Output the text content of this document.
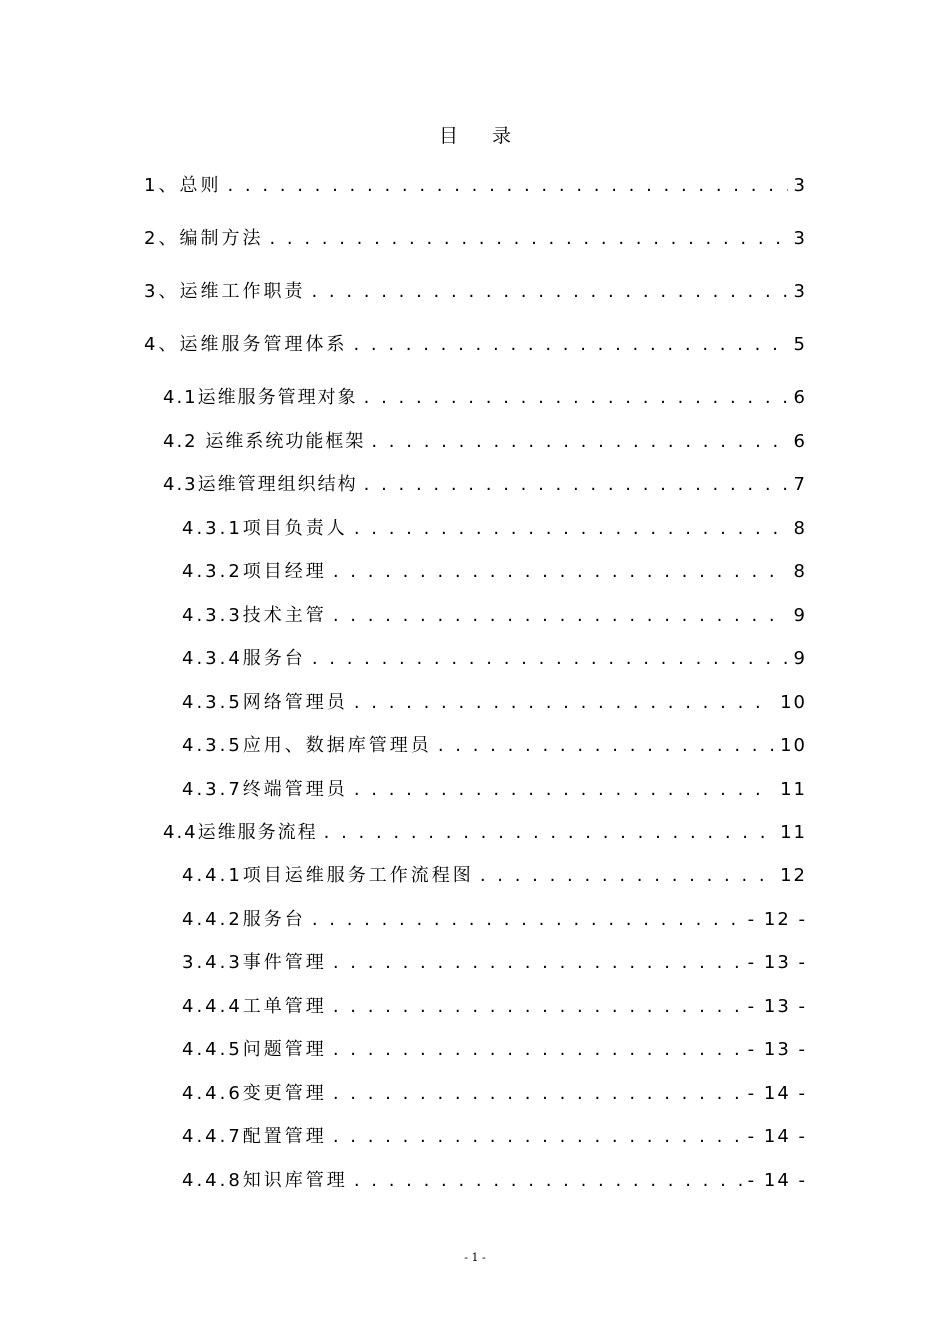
目 录
1、总则 . . .	3
2、编制方法 . . .	3
3、运维工作职责 . . .	3
4、运维服务管理体系 . . .	5
4.1运维服务管理对象 . . .	6
4.2 运维系统功能框架 . . .	6
4.3运维管理组织结构 . . .	7
4.3.1项目负责人 . . .	8
4.3.2项目经理 . . .	8
4.3.3技术主管 . . .	9
4.3.4服务台 . . .	9
4.3.5网络管理员 . . .	10
4.3.5应用、数据库管理员 . . .	10
4.3.7终端管理员 . . .	11
4.4运维服务流程 . . .	11
4.4.1项目运维服务工作流程图 . . .	12
4.4.2服务台 . . .	- 12 -
3.4.3事件管理 . . .	- 13 -
4.4.4工单管理 . . .	- 13 -
4.4.5问题管理 . . .	- 13 -
4.4.6变更管理 . . .	- 14 -
4.4.7配置管理 . . .	- 14 -
4.4.8知识库管理 . . .	- 14 -
- 1 -
